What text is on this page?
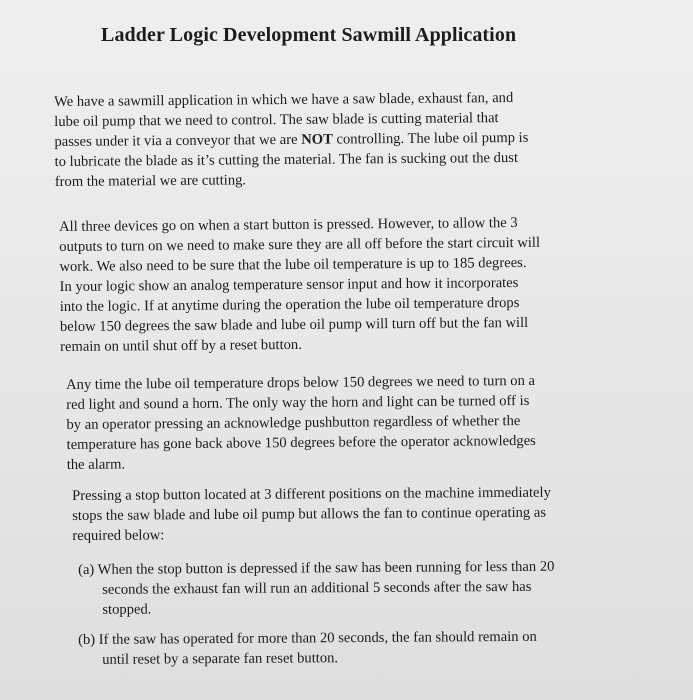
Ladder Logic Development Sawmill Application
We have a sawmill application in which we have a saw blade, exhaust fan, and
lube oil pump that we need to control. The saw blade is cutting material that
passes under it via a conveyor that we are NOT controlling. The lube oil pump is
to lubricate the blade as it’s cutting the material. The fan is sucking out the dust
from the material we are cutting.
All three devices go on when a start button is pressed. However, to allow the 3
outputs to turn on we need to make sure they are all off before the start circuit will
work. We also need to be sure that the lube oil temperature is up to 185 degrees.
In your logic show an analog temperature sensor input and how it incorporates
into the logic. If at anytime during the operation the lube oil temperature drops
below 150 degrees the saw blade and lube oil pump will turn off but the fan will
remain on until shut off by a reset button.
Any time the lube oil temperature drops below 150 degrees we need to turn on a
red light and sound a horn. The only way the horn and light can be turned off is
by an operator pressing an acknowledge pushbutton regardless of whether the
temperature has gone back above 150 degrees before the operator acknowledges
the alarm.
Pressing a stop button located at 3 different positions on the machine immediately
stops the saw blade and lube oil pump but allows the fan to continue operating as
required below:
(a) When the stop button is depressed if the saw has been running for less than 20
seconds the exhaust fan will run an additional 5 seconds after the saw has
stopped.
(b) If the saw has operated for more than 20 seconds, the fan should remain on
until reset by a separate fan reset button.
